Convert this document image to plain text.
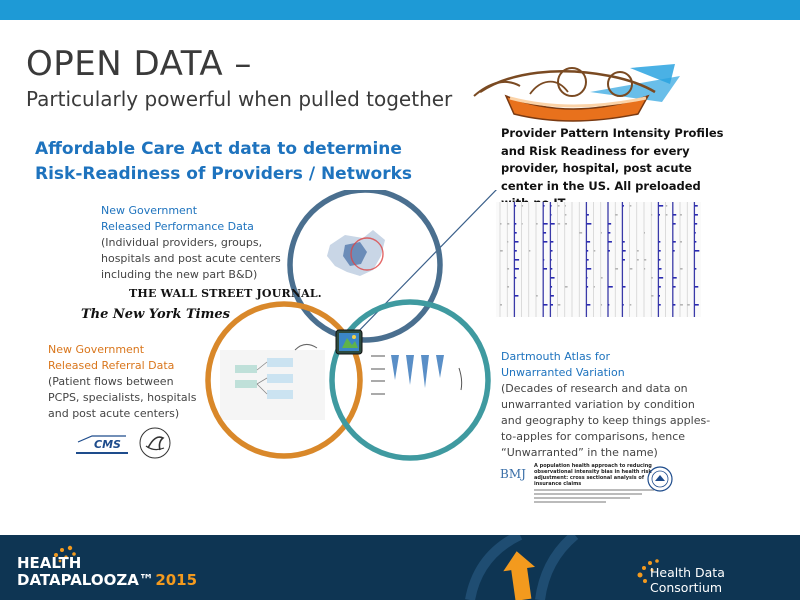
OPEN DATA –
Particularly powerful when pulled together
Affordable Care Act data to determine
Risk-Readiness of Providers / Networks
Provider Pattern Intensity Profiles and Risk Readiness for every provider, hospital, post acute center in the US. All preloaded
New Government
Released Performance Data
(Individual providers, groups, hospitals and post acute centers including the new part B&D)
THE WALL STREET JOURNAL.
The New York Times
New Government
Released Referral Data
(Patient flows between PCPS, specialists, hospitals and post acute centers)
CMS
Dartmouth Atlas for
Unwarranted Variation
(Decades of research and data on unwarranted variation by condition and geography to keep things apples-to-apples for comparisons, hence “Unwarranted” in the name)
BMJ
A population health approach to reducing observational intensity bias in health risk adjustment: cross sectional analysis of insurance claims
HEALTH
DATAPALOOZA™  2015	Health Data Consortium
